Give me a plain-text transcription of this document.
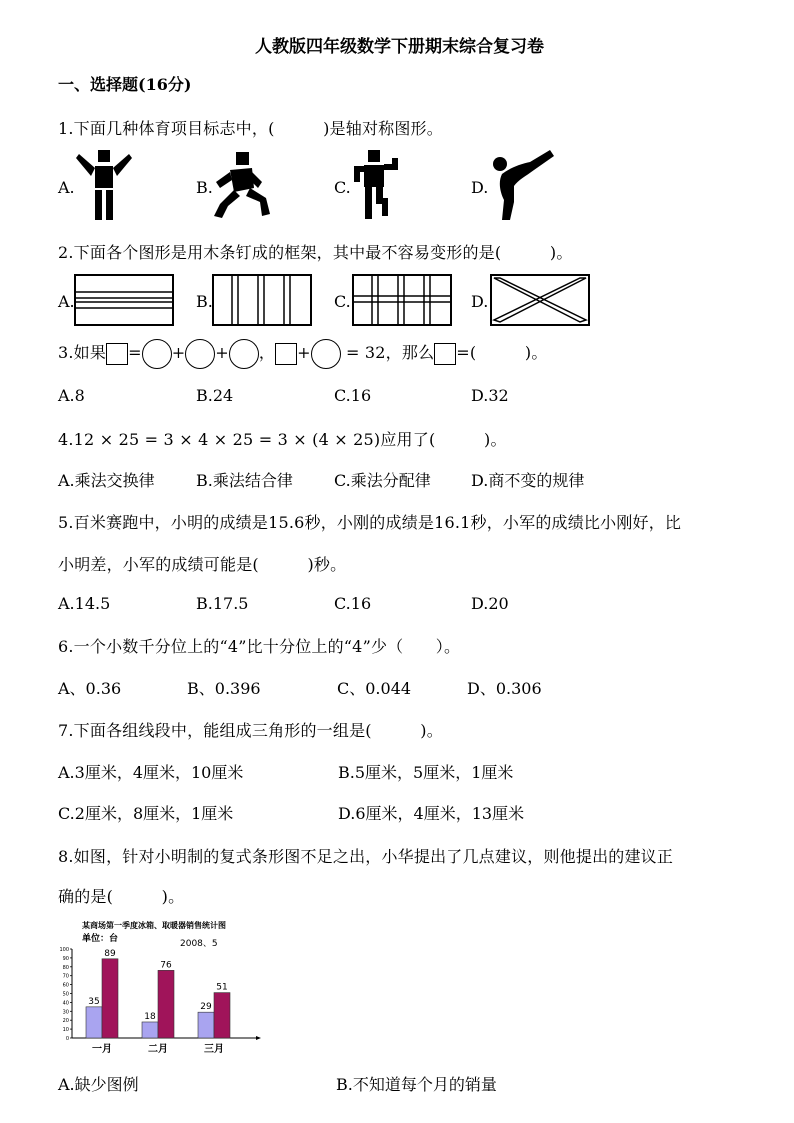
人教版四年级数学下册期末综合复习卷
一、选择题(16分)
1.下面几种体育项目标志中，(　　　)是轴对称图形。
A.	B.	C.	D.
2.下面各个图形是用木条钉成的框架，其中最不容易变形的是(　　　)。
A.	B.	C.	D.
3.如果 = + + ， + = 32，那么 =(　　　)。
A.8	B.24	C.16	D.32
4.12 × 25 = 3 × 4 × 25 = 3 × (4 × 25)应用了(　　　)。
A.乘法交换律	B.乘法结合律	C.乘法分配律	D.商不变的规律
5.百米赛跑中，小明的成绩是15.6秒，小刚的成绩是16.1秒，小军的成绩比小刚好，比
小明差，小军的成绩可能是(　　　)秒。
A.14.5	B.17.5	C.16	D.20
6.一个小数千分位上的“4”比十分位上的“4”少（　　）。
A、0.36	B、0.396	C、0.044	D、0.306
7.下面各组线段中，能组成三角形的一组是(　　　)。
A.3厘米，4厘米，10厘米	B.5厘米，5厘米，1厘米
C.2厘米，8厘米，1厘米	D.6厘米，4厘米，13厘米
8.如图，针对小明制的复式条形图不足之出，小华提出了几点建议，则他提出的建议正
确的是(　　　)。
某商场第一季度冰箱、取暖器销售统计图
单位：台	2008、5
0
10
20
30
40
50
60
70
80
90
100
35
89
一月
18
76
二月
29
51
三月
A.缺少图例	B.不知道每个月的销量
